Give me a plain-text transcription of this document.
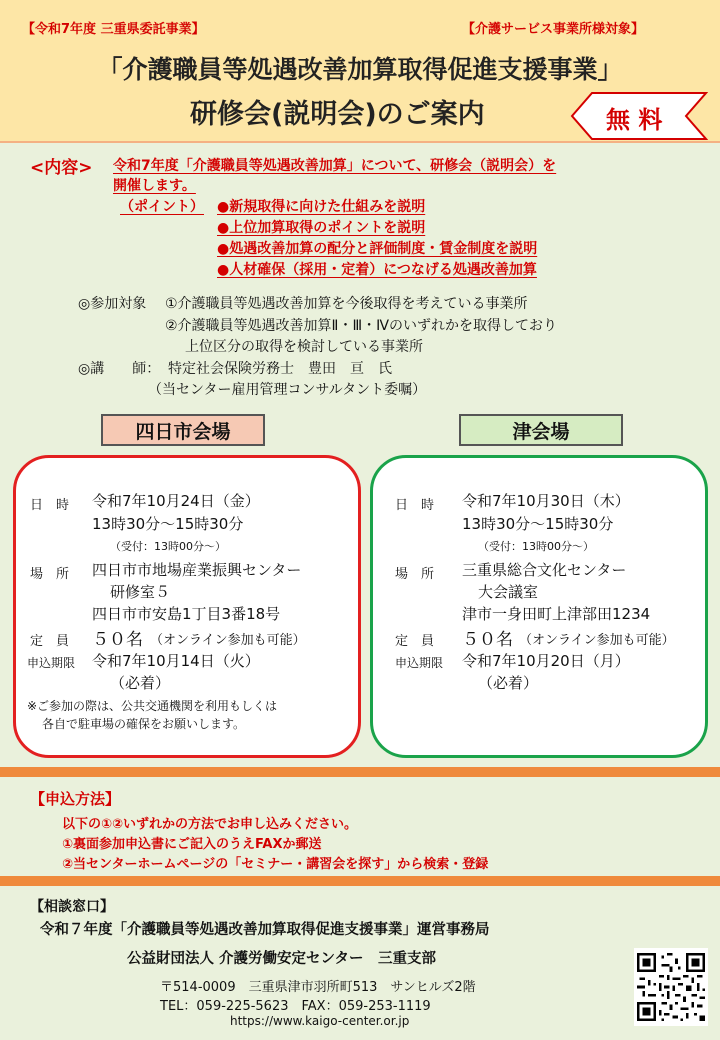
【令和7年度 三重県委託事業】	【介護サービス事業所様対象】
「介護職員等処遇改善加算取得促進支援事業」
研修会(説明会)のご案内	無 料
<内容> 令和7年度「介護職員等処遇改善加算」について、研修会（説明会）を
開催します。
（ポイント） ●新規取得に向けた仕組みを説明
●上位加算取得のポイントを説明
●処遇改善加算の配分と評価制度・賃金制度を説明
●人材確保（採用・定着）につなげる処遇改善加算
◎参加対象 ①介護職員等処遇改善加算を今後取得を考えている事業所
②介護職員等処遇改善加算Ⅱ・Ⅲ・Ⅳのいずれかを取得しており
上位区分の取得を検討している事業所
◎講　　師： 特定社会保険労務士　豊田　亘　氏
（当センター雇用管理コンサルタント委嘱）
四日市会場	津会場
日　時 令和7年10月24日（金）
13時30分～15時30分
（受付：13時00分～）
場　所 四日市市地場産業振興センター
研修室５
四日市市安島1丁目3番18号
定　員 ５０名 （オンライン参加も可能）
申込期限 令和7年10月14日（火）
（必着）
※ご参加の際は、公共交通機関を利用もしくは
各自で駐車場の確保をお願いします。
日　時 令和7年10月30日（木）
13時30分～15時30分
（受付：13時00分～）
場　所 三重県総合文化センター
大会議室
津市一身田町上津部田1234
定　員 ５０名 （オンライン参加も可能）
申込期限 令和7年10月20日（月）
（必着）
【申込方法】
以下の①②いずれかの方法でお申し込みください。
①裏面参加申込書にご記入のうえFAXか郵送
②当センターホームページの「セミナー・講習会を探す」から検索・登録
【相談窓口】
令和７年度「介護職員等処遇改善加算取得促進支援事業」運営事務局
公益財団法人 介護労働安定センター　三重支部
〒514-0009　三重県津市羽所町513　サンヒルズ2階
TEL：059-225-5623　FAX：059-253-1119
https://www.kaigo-center.or.jp
